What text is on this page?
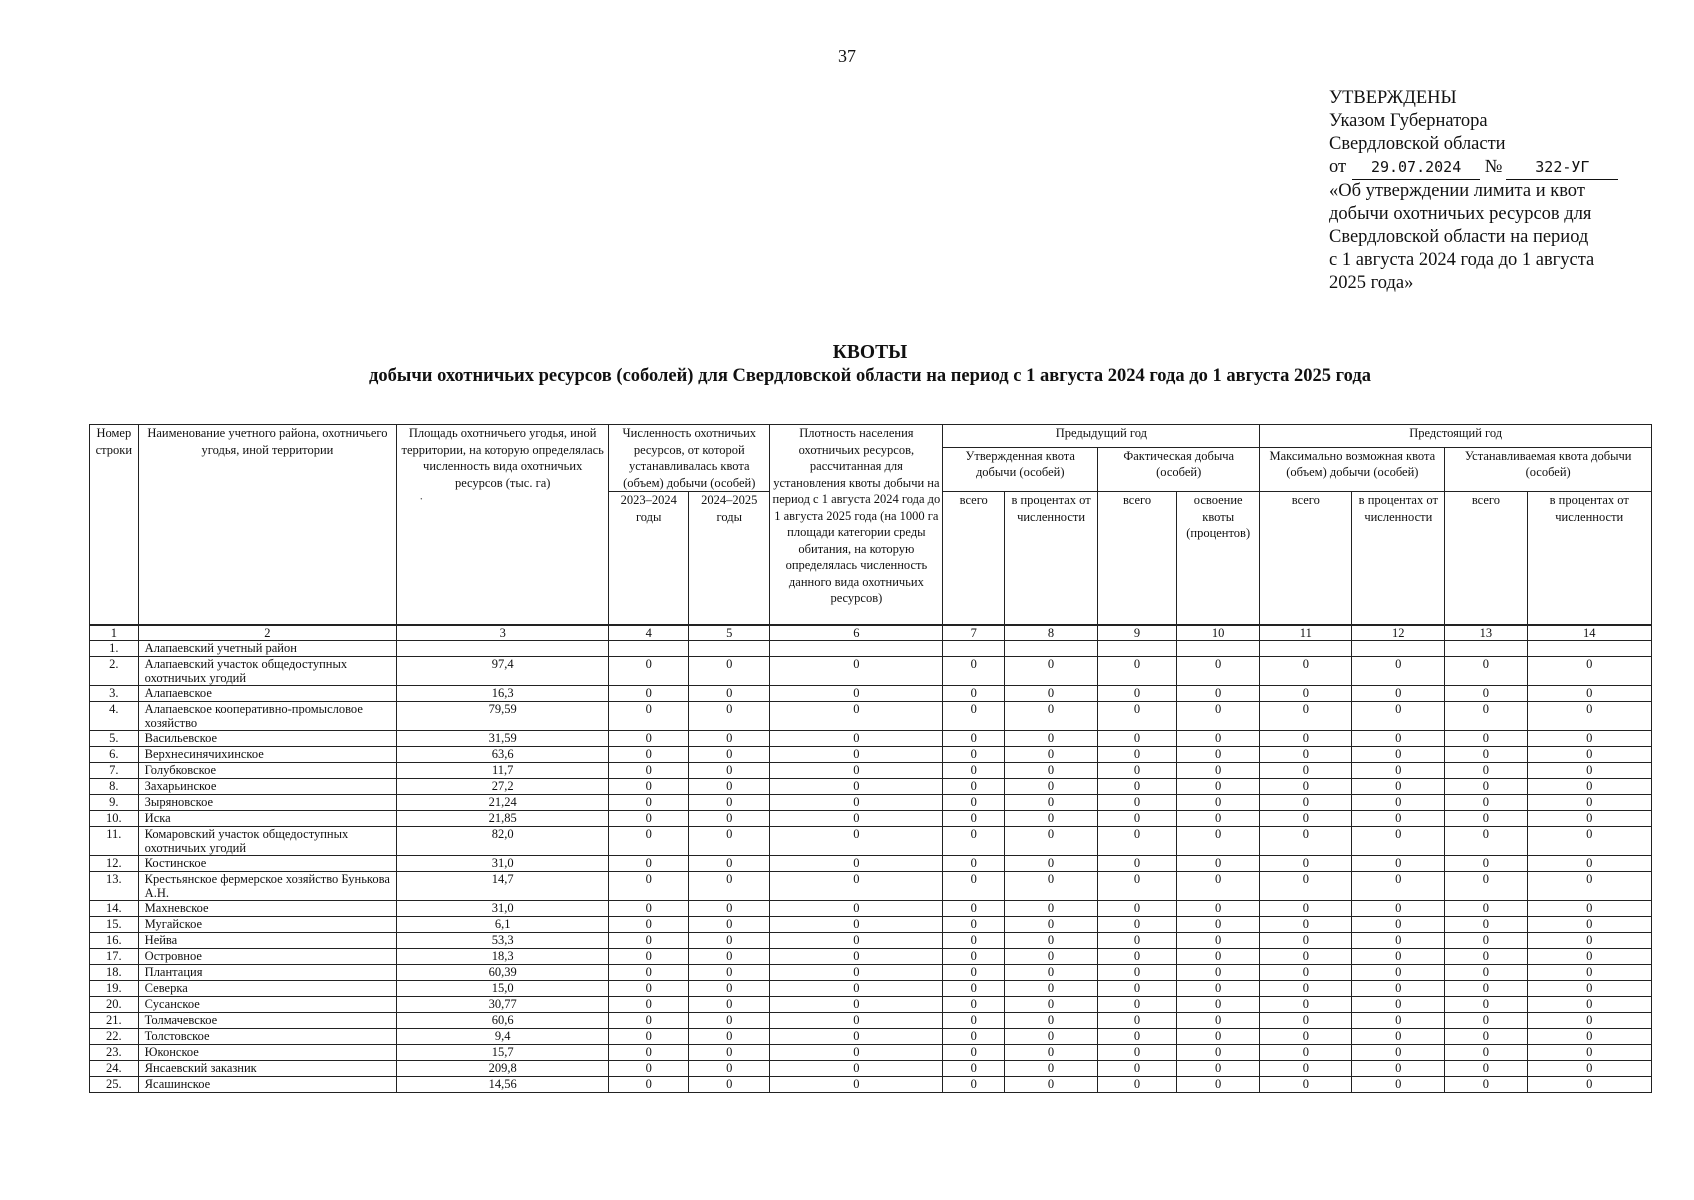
37
УТВЕРЖДЕНЫ
Указом Губернатора
Свердловской области
от 29.07.2024 № 322-УГ
«Об утверждении лимита и квот
добычи охотничьих ресурсов для
Свердловской области на период
с 1 августа 2024 года до 1 августа
2025 года»
КВОТЫ
добычи охотничьих ресурсов (соболей) для Свердловской области на период с 1 августа 2024 года до 1 августа 2025 года
Номер строки	Наименование учетного района, охотничьего угодья, иной территории	Площадь охотничьего угодья, иной территории, на которую определялась численность вида охотничьих ресурсов (тыс. га)
·	Численность охотничьих ресурсов, от которой устанавливалась квота (объем) добычи (особей)		Плотность населения охотничьих ресурсов, рассчитанная для установления квоты добычи на период с 1 августа 2024 года до 1 августа 2025 года (на 1000 га площади категории среды обитания, на которую определялась численность данного вида охотничьих ресурсов)	Предыдущий год				Предстоящий год			
						Утвержденная квота добычи (особей)		Фактическая добыча (особей)		Максимально возможная квота (объем) добычи (особей)		Устанавливаемая квота добычи (особей)	
			2023–2024 годы	2024–2025 годы		всего	в процентах от численности	всего	освоение квоты (процентов)	всего	в процентах от численности	всего	в процентах от численности
1	2	3	4	5	6	7	8	9	10	11	12	13	14
1.	Алапаевский учетный район												
2.	Алапаевский участок общедоступных охотничьих угодий	97,4	0	0	0	0	0	0	0	0	0	0	0
3.	Алапаевское	16,3	0	0	0	0	0	0	0	0	0	0	0
4.	Алапаевское кооперативно-промысловое хозяйство	79,59	0	0	0	0	0	0	0	0	0	0	0
5.	Васильевское	31,59	0	0	0	0	0	0	0	0	0	0	0
6.	Верхнесинячихинское	63,6	0	0	0	0	0	0	0	0	0	0	0
7.	Голубковское	11,7	0	0	0	0	0	0	0	0	0	0	0
8.	Захарьинское	27,2	0	0	0	0	0	0	0	0	0	0	0
9.	Зыряновское	21,24	0	0	0	0	0	0	0	0	0	0	0
10.	Иска	21,85	0	0	0	0	0	0	0	0	0	0	0
11.	Комаровский участок общедоступных охотничьих угодий	82,0	0	0	0	0	0	0	0	0	0	0	0
12.	Костинское	31,0	0	0	0	0	0	0	0	0	0	0	0
13.	Крестьянское фермерское хозяйство Бунькова А.Н.	14,7	0	0	0	0	0	0	0	0	0	0	0
14.	Махневское	31,0	0	0	0	0	0	0	0	0	0	0	0
15.	Мугайское	6,1	0	0	0	0	0	0	0	0	0	0	0
16.	Нейва	53,3	0	0	0	0	0	0	0	0	0	0	0
17.	Островное	18,3	0	0	0	0	0	0	0	0	0	0	0
18.	Плантация	60,39	0	0	0	0	0	0	0	0	0	0	0
19.	Северка	15,0	0	0	0	0	0	0	0	0	0	0	0
20.	Сусанское	30,77	0	0	0	0	0	0	0	0	0	0	0
21.	Толмачевское	60,6	0	0	0	0	0	0	0	0	0	0	0
22.	Толстовское	9,4	0	0	0	0	0	0	0	0	0	0	0
23.	Юконское	15,7	0	0	0	0	0	0	0	0	0	0	0
24.	Янсаевский заказник	209,8	0	0	0	0	0	0	0	0	0	0	0
25.	Ясашинское	14,56	0	0	0	0	0	0	0	0	0	0	0
